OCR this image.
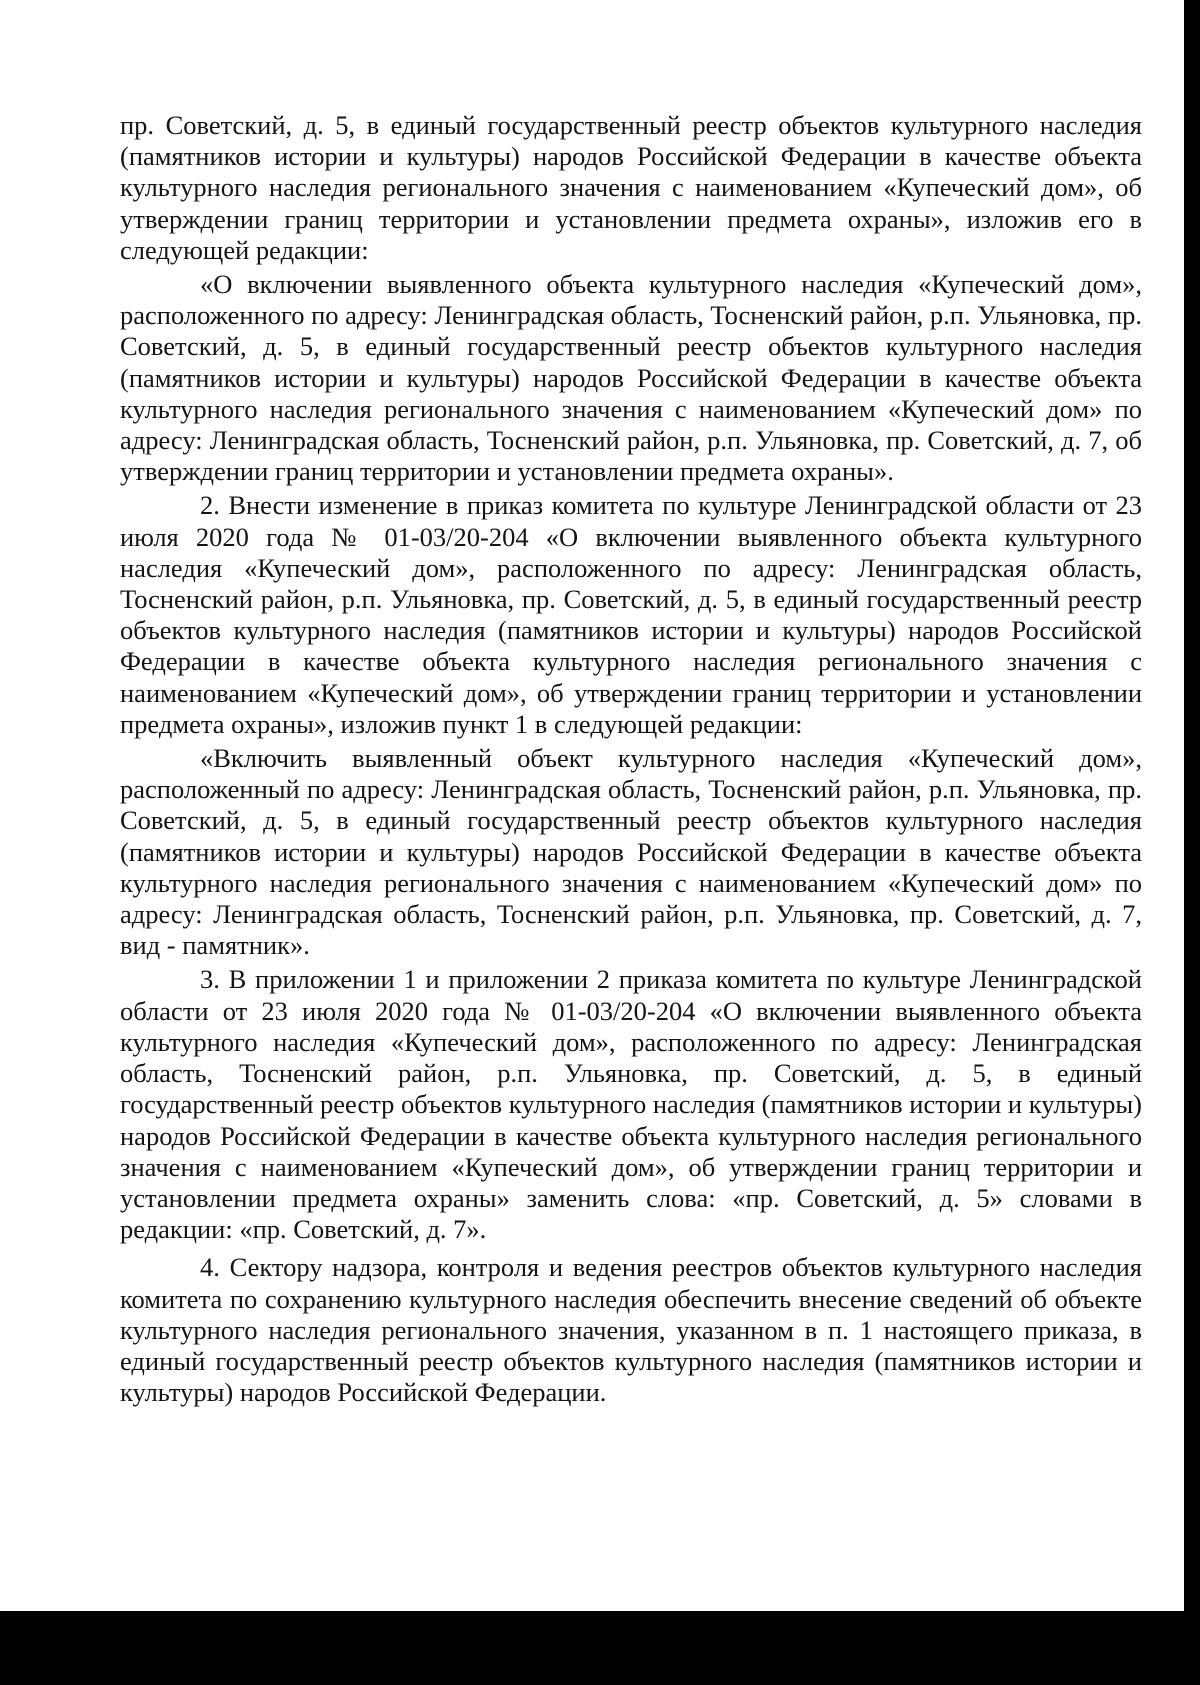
пр. Советский, д. 5, в единый государственный реестр объектов культурного наследия (памятников истории и культуры) народов Российской Федерации в качестве объекта культурного наследия регионального значения с наименованием «Купеческий дом», об утверждении границ территории и установлении предмета охраны», изложив его в следующей редакции:

«О включении выявленного объекта культурного наследия «Купеческий дом», расположенного по адресу: Ленинградская область, Тосненский район, р.п. Ульяновка, пр. Советский, д. 5, в единый государственный реестр объектов культурного наследия (памятников истории и культуры) народов Российской Федерации в качестве объекта культурного наследия регионального значения с наименованием «Купеческий дом» по адресу: Ленинградская область, Тосненский район, р.п. Ульяновка, пр. Советский, д. 7, об утверждении границ территории и установлении предмета охраны».

2. Внести изменение в приказ комитета по культуре Ленинградской области от 23 июля 2020 года № 01-03/20-204 «О включении выявленного объекта культурного наследия «Купеческий дом», расположенного по адресу: Ленинградская область, Тосненский район, р.п. Ульяновка, пр. Советский, д. 5, в единый государственный реестр объектов культурного наследия (памятников истории и культуры) народов Российской Федерации в качестве объекта культурного наследия регионального значения с наименованием «Купеческий дом», об утверждении границ территории и установлении предмета охраны», изложив пункт 1 в следующей редакции:

«Включить выявленный объект культурного наследия «Купеческий дом», расположенный по адресу: Ленинградская область, Тосненский район, р.п. Ульяновка, пр. Советский, д. 5, в единый государственный реестр объектов культурного наследия (памятников истории и культуры) народов Российской Федерации в качестве объекта культурного наследия регионального значения с наименованием «Купеческий дом» по адресу: Ленинградская область, Тосненский район, р.п. Ульяновка, пр. Советский, д. 7, вид - памятник».

3. В приложении 1 и приложении 2 приказа комитета по культуре Ленинградской области от 23 июля 2020 года № 01-03/20-204 «О включении выявленного объекта культурного наследия «Купеческий дом», расположенного по адресу: Ленинградская область, Тосненский район, р.п. Ульяновка, пр. Советский, д. 5, в единый государственный реестр объектов культурного наследия (памятников истории и культуры) народов Российской Федерации в качестве объекта культурного наследия регионального значения с наименованием «Купеческий дом», об утверждении границ территории и установлении предмета охраны» заменить слова: «пр. Советский, д. 5» словами в редакции: «пр. Советский, д. 7».

4. Сектору надзора, контроля и ведения реестров объектов культурного наследия комитета по сохранению культурного наследия обеспечить внесение сведений об объекте культурного наследия регионального значения, указанном в п. 1 настоящего приказа, в единый государственный реестр объектов культурного наследия (памятников истории и культуры) народов Российской Федерации.
